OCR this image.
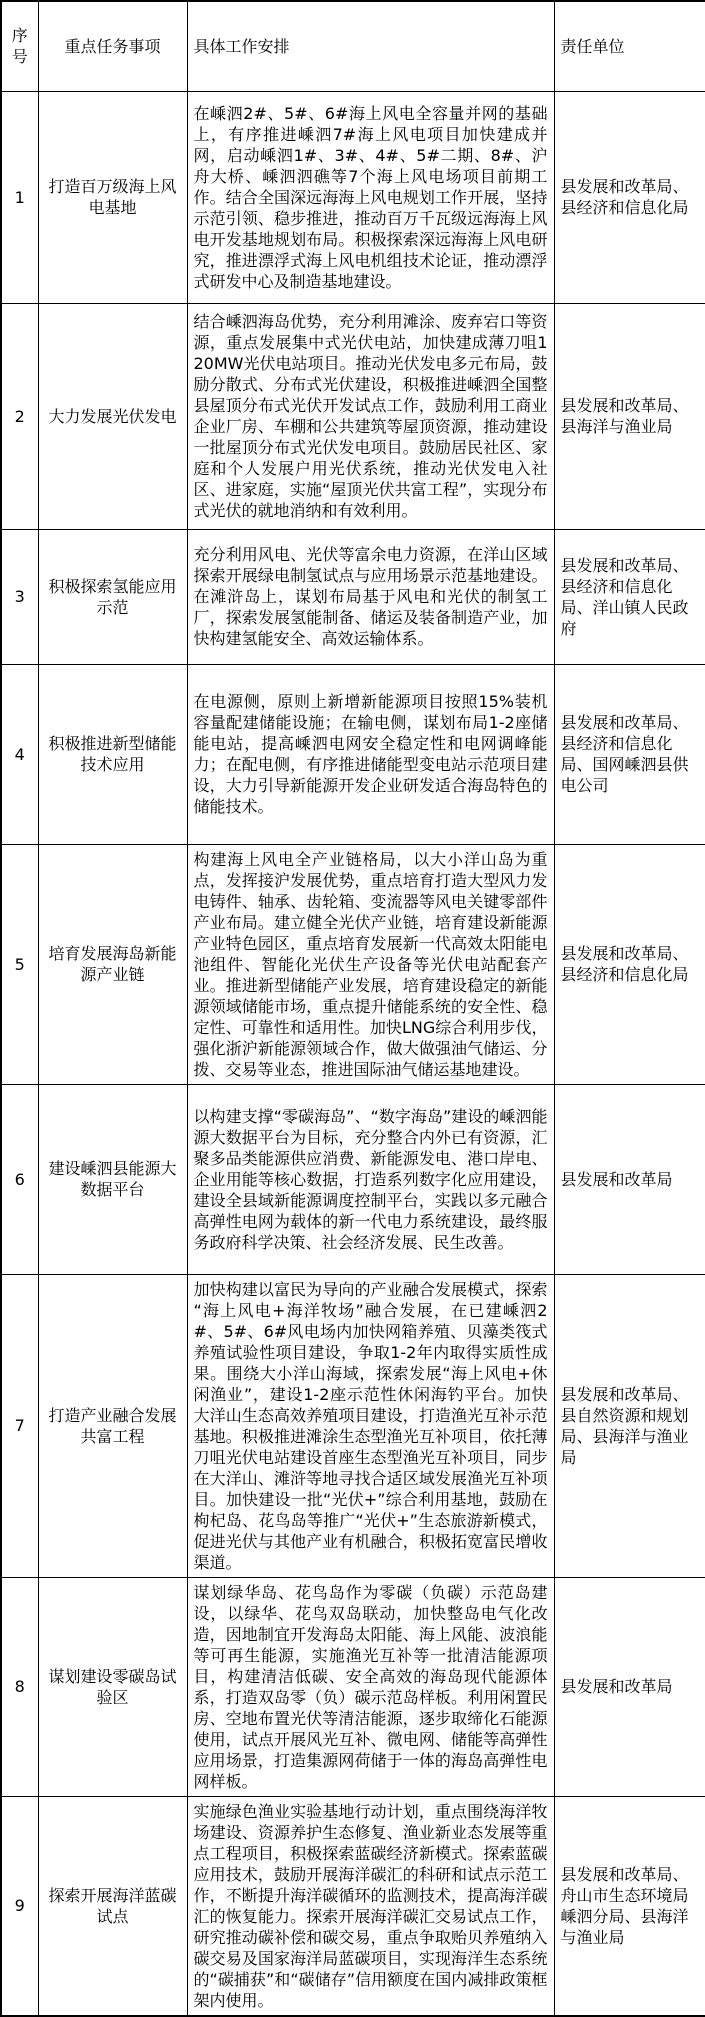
序号	重点任务事项	具体工作安排	责任单位
1	打造百万级海上风电基地	在嵊泗2#、5#、6#海上风电全容量并网的基础上，有序推进嵊泗7#海上风电项目加快建成并网，启动嵊泗1#、3#、4#、5#二期、8#、沪舟大桥、嵊泗泗礁等7个海上风电场项目前期工作。结合全国深远海海上风电规划工作开展，坚持示范引领、稳步推进，推动百万千瓦级远海海上风电开发基地规划布局。积极探索深远海海上风电研究，推进漂浮式海上风电机组技术论证，推动漂浮式研发中心及制造基地建设。	县发展和改革局、县经济和信息化局
2	大力发展光伏发电	结合嵊泗海岛优势，充分利用滩涂、废弃宕口等资源，重点发展集中式光伏电站，加快建成薄刀咀120MW光伏电站项目。推动光伏发电多元布局，鼓励分散式、分布式光伏建设，积极推进嵊泗全国整县屋顶分布式光伏开发试点工作，鼓励利用工商业企业厂房、车棚和公共建筑等屋顶资源，推动建设一批屋顶分布式光伏发电项目。鼓励居民社区、家庭和个人发展户用光伏系统，推动光伏发电入社区、进家庭，实施“屋顶光伏共富工程”，实现分布式光伏的就地消纳和有效利用。	县发展和改革局、县海洋与渔业局
3	积极探索氢能应用示范	充分利用风电、光伏等富余电力资源，在洋山区域探索开展绿电制氢试点与应用场景示范基地建设。在滩浒岛上，谋划布局基于风电和光伏的制氢工厂，探索发展氢能制备、储运及装备制造产业，加快构建氢能安全、高效运输体系。	县发展和改革局、县经济和信息化局、洋山镇人民政府
4	积极推进新型储能技术应用	在电源侧，原则上新增新能源项目按照15%装机容量配建储能设施；在输电侧，谋划布局1-2座储能电站，提高嵊泗电网安全稳定性和电网调峰能力；在配电侧，有序推进储能型变电站示范项目建设，大力引导新能源开发企业研发适合海岛特色的储能技术。	县发展和改革局、县经济和信息化局、国网嵊泗县供电公司
5	培育发展海岛新能源产业链	构建海上风电全产业链格局，以大小洋山岛为重点，发挥接沪发展优势，重点培育打造大型风力发电铸件、轴承、齿轮箱、变流器等风电关键零部件产业布局。建立健全光伏产业链，培育建设新能源产业特色园区，重点培育发展新一代高效太阳能电池组件、智能化光伏生产设备等光伏电站配套产业。推进新型储能产业发展，培育建设稳定的新能源领域储能市场，重点提升储能系统的安全性、稳定性、可靠性和适用性。加快LNG综合利用步伐，强化浙沪新能源领域合作，做大做强油气储运、分拨、交易等业态，推进国际油气储运基地建设。	县发展和改革局、县经济和信息化局
6	建设嵊泗县能源大数据平台	以构建支撑“零碳海岛”、“数字海岛”建设的嵊泗能源大数据平台为目标，充分整合内外已有资源，汇聚多品类能源供应消费、新能源发电、港口岸电、企业用能等核心数据，打造系列数字化应用建设，建设全县域新能源调度控制平台，实践以多元融合高弹性电网为载体的新一代电力系统建设，最终服务政府科学决策、社会经济发展、民生改善。	县发展和改革局
7	打造产业融合发展共富工程	加快构建以富民为导向的产业融合发展模式，探索“海上风电+海洋牧场”融合发展，在已建嵊泗2#、5#、6#风电场内加快网箱养殖、贝藻类筏式养殖试验性项目建设，争取1-2年内取得实质性成果。围绕大小洋山海域，探索发展“海上风电+休闲渔业”，建设1-2座示范性休闲海钓平台。加快大洋山生态高效养殖项目建设，打造渔光互补示范基地。积极推进滩涂生态型渔光互补项目，依托薄刀咀光伏电站建设首座生态型渔光互补项目，同步在大洋山、滩浒等地寻找合适区域发展渔光互补项目。加快建设一批“光伏+”综合利用基地，鼓励在枸杞岛、花鸟岛等推广“光伏+”生态旅游新模式，促进光伏与其他产业有机融合，积极拓宽富民增收渠道。	县发展和改革局、县自然资源和规划局、县海洋与渔业局
8	谋划建设零碳岛试验区	谋划绿华岛、花鸟岛作为零碳（负碳）示范岛建设，以绿华、花鸟双岛联动，加快整岛电气化改造，因地制宜开发海岛太阳能、海上风能、波浪能等可再生能源，实施渔光互补等一批清洁能源项目，构建清洁低碳、安全高效的海岛现代能源体系，打造双岛零（负）碳示范岛样板。利用闲置民房、空地布置光伏等清洁能源，逐步取缔化石能源使用，试点开展风光互补、微电网、储能等高弹性应用场景，打造集源网荷储于一体的海岛高弹性电网样板。	县发展和改革局
9	探索开展海洋蓝碳试点	实施绿色渔业实验基地行动计划，重点围绕海洋牧场建设、资源养护生态修复、渔业新业态发展等重点工程项目，积极探索蓝碳经济新模式。探索蓝碳应用技术，鼓励开展海洋碳汇的科研和试点示范工作，不断提升海洋碳循环的监测技术，提高海洋碳汇的恢复能力。探索开展海洋碳汇交易试点工作，研究推动碳补偿和碳交易，重点争取贻贝养殖纳入碳交易及国家海洋局蓝碳项目，实现海洋生态系统的“碳捕获”和“碳储存”信用额度在国内减排政策框架内使用。	县发展和改革局、舟山市生态环境局嵊泗分局、县海洋与渔业局
